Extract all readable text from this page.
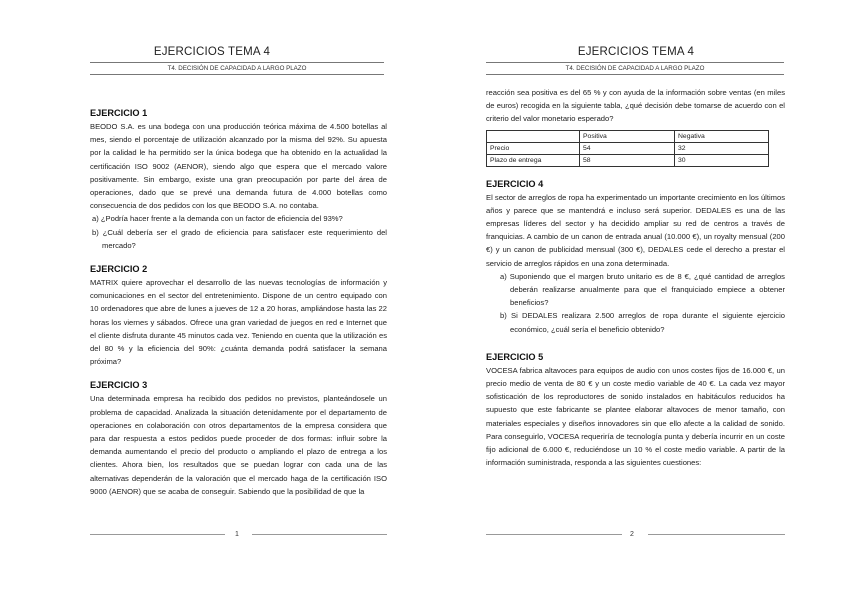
EJERCICIOS TEMA 4
T4. DECISIÓN DE CAPACIDAD A LARGO PLAZO
EJERCICIO 1

BEODO S.A. es una bodega con una producción teórica máxima de 4.500 botellas al mes, siendo el porcentaje de utilización alcanzado por la misma del 92%. Su apuesta por la calidad le ha permitido ser la única bodega que ha obtenido en la actualidad la certificación ISO 9002 (AENOR), siendo algo que espera que el mercado valore positivamente. Sin embargo, existe una gran preocupación por parte del área de operaciones, dado que se prevé una demanda futura de 4.000 botellas como consecuencia de dos pedidos con los que BEODO S.A. no contaba.

a) ¿Podría hacer frente a la demanda con un factor de eficiencia del 93%?

b) ¿Cuál debería ser el grado de eficiencia para satisfacer este requerimiento del mercado?

EJERCICIO 2

MATRIX quiere aprovechar el desarrollo de las nuevas tecnologías de información y comunicaciones en el sector del entretenimiento. Dispone de un centro equipado con 10 ordenadores que abre de lunes a jueves de 12 a 20 horas, ampliándose hasta las 22 horas los viernes y sábados. Ofrece una gran variedad de juegos en red e Internet que el cliente disfruta durante 45 minutos cada vez. Teniendo en cuenta que la utilización es del 80 % y la eficiencia del 90%: ¿cuánta demanda podrá satisfacer la semana próxima?

EJERCICIO 3

Una determinada empresa ha recibido dos pedidos no previstos, planteándosele un problema de capacidad. Analizada la situación detenidamente por el departamento de operaciones en colaboración con otros departamentos de la empresa considera que para dar respuesta a estos pedidos puede proceder de dos formas: influir sobre la demanda aumentando el precio del producto o ampliando el plazo de entrega a los clientes. Ahora bien, los resultados que se puedan lograr con cada una de las alternativas dependerán de la valoración que el mercado haga de la certificación ISO 9000 (AENOR) que se acaba de conseguir. Sabiendo que la posibilidad de que la

1
EJERCICIOS TEMA 4
T4. DECISIÓN DE CAPACIDAD A LARGO PLAZO

reacción sea positiva es del 65 % y con ayuda de la información sobre ventas (en miles de euros) recogida en la siguiente tabla, ¿qué decisión debe tomarse de acuerdo con el criterio del valor monetario esperado?

	Positiva	Negativa
Precio	54	32
Plazo de entrega	58	30
EJERCICIO 4

El sector de arreglos de ropa ha experimentado un importante crecimiento en los últimos años y parece que se mantendrá e incluso será superior. DEDALES es una de las empresas líderes del sector y ha decidido ampliar su red de centros a través de franquicias. A cambio de un canon de entrada anual (10.000 €), un royalty mensual (200 €) y un canon de publicidad mensual (300 €), DEDALES cede el derecho a prestar el servicio de arreglos rápidos en una zona determinada.

a) Suponiendo que el margen bruto unitario es de 8 €, ¿qué cantidad de arreglos deberán realizarse anualmente para que el franquiciado empiece a obtener beneficios?

b) Si DEDALES realizara 2.500 arreglos de ropa durante el siguiente ejercicio económico, ¿cuál sería el beneficio obtenido?

EJERCICIO 5

VOCESA fabrica altavoces para equipos de audio con unos costes fijos de 16.000 €, un precio medio de venta de 80 € y un coste medio variable de 40 €. La cada vez mayor sofisticación de los reproductores de sonido instalados en habitáculos reducidos ha supuesto que este fabricante se plantee elaborar altavoces de menor tamaño, con materiales especiales y diseños innovadores sin que ello afecte a la calidad de sonido. Para conseguirlo, VOCESA requeriría de tecnología punta y debería incurrir en un coste fijo adicional de 6.000 €, reduciéndose un 10 % el coste medio variable. A partir de la información suministrada, responda a las siguientes cuestiones:

2
